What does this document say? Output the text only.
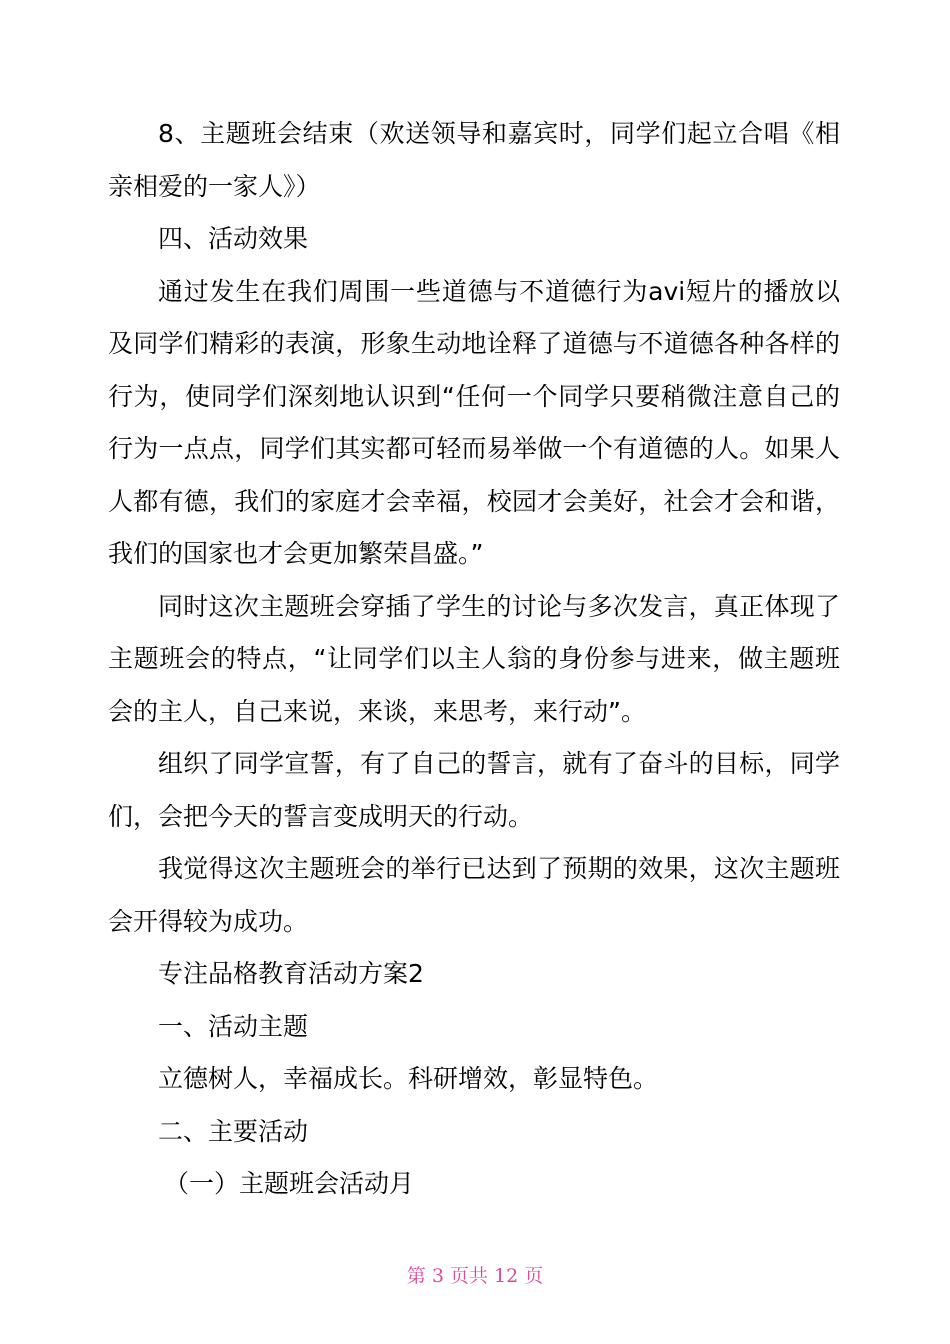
8、主题班会结束（欢送领导和嘉宾时，同学们起立合唱《相亲相爱的一家人》）

四、活动效果

通过发生在我们周围一些道德与不道德行为avi短片的播放以及同学们精彩的表演，形象生动地诠释了道德与不道德各种各样的行为，使同学们深刻地认识到“任何一个同学只要稍微注意自己的行为一点点，同学们其实都可轻而易举做一个有道德的人。如果人人都有德，我们的家庭才会幸福，校园才会美好，社会才会和谐，我们的国家也才会更加繁荣昌盛。”

同时这次主题班会穿插了学生的讨论与多次发言，真正体现了主题班会的特点，“让同学们以主人翁的身份参与进来，做主题班会的主人，自己来说，来谈，来思考，来行动”。

组织了同学宣誓，有了自己的誓言，就有了奋斗的目标，同学们，会把今天的誓言变成明天的行动。

我觉得这次主题班会的举行已达到了预期的效果，这次主题班会开得较为成功。

专注品格教育活动方案2

一、活动主题

立德树人，幸福成长。科研增效，彰显特色。

二、主要活动

（一）主题班会活动月

第 3 页共 12 页
